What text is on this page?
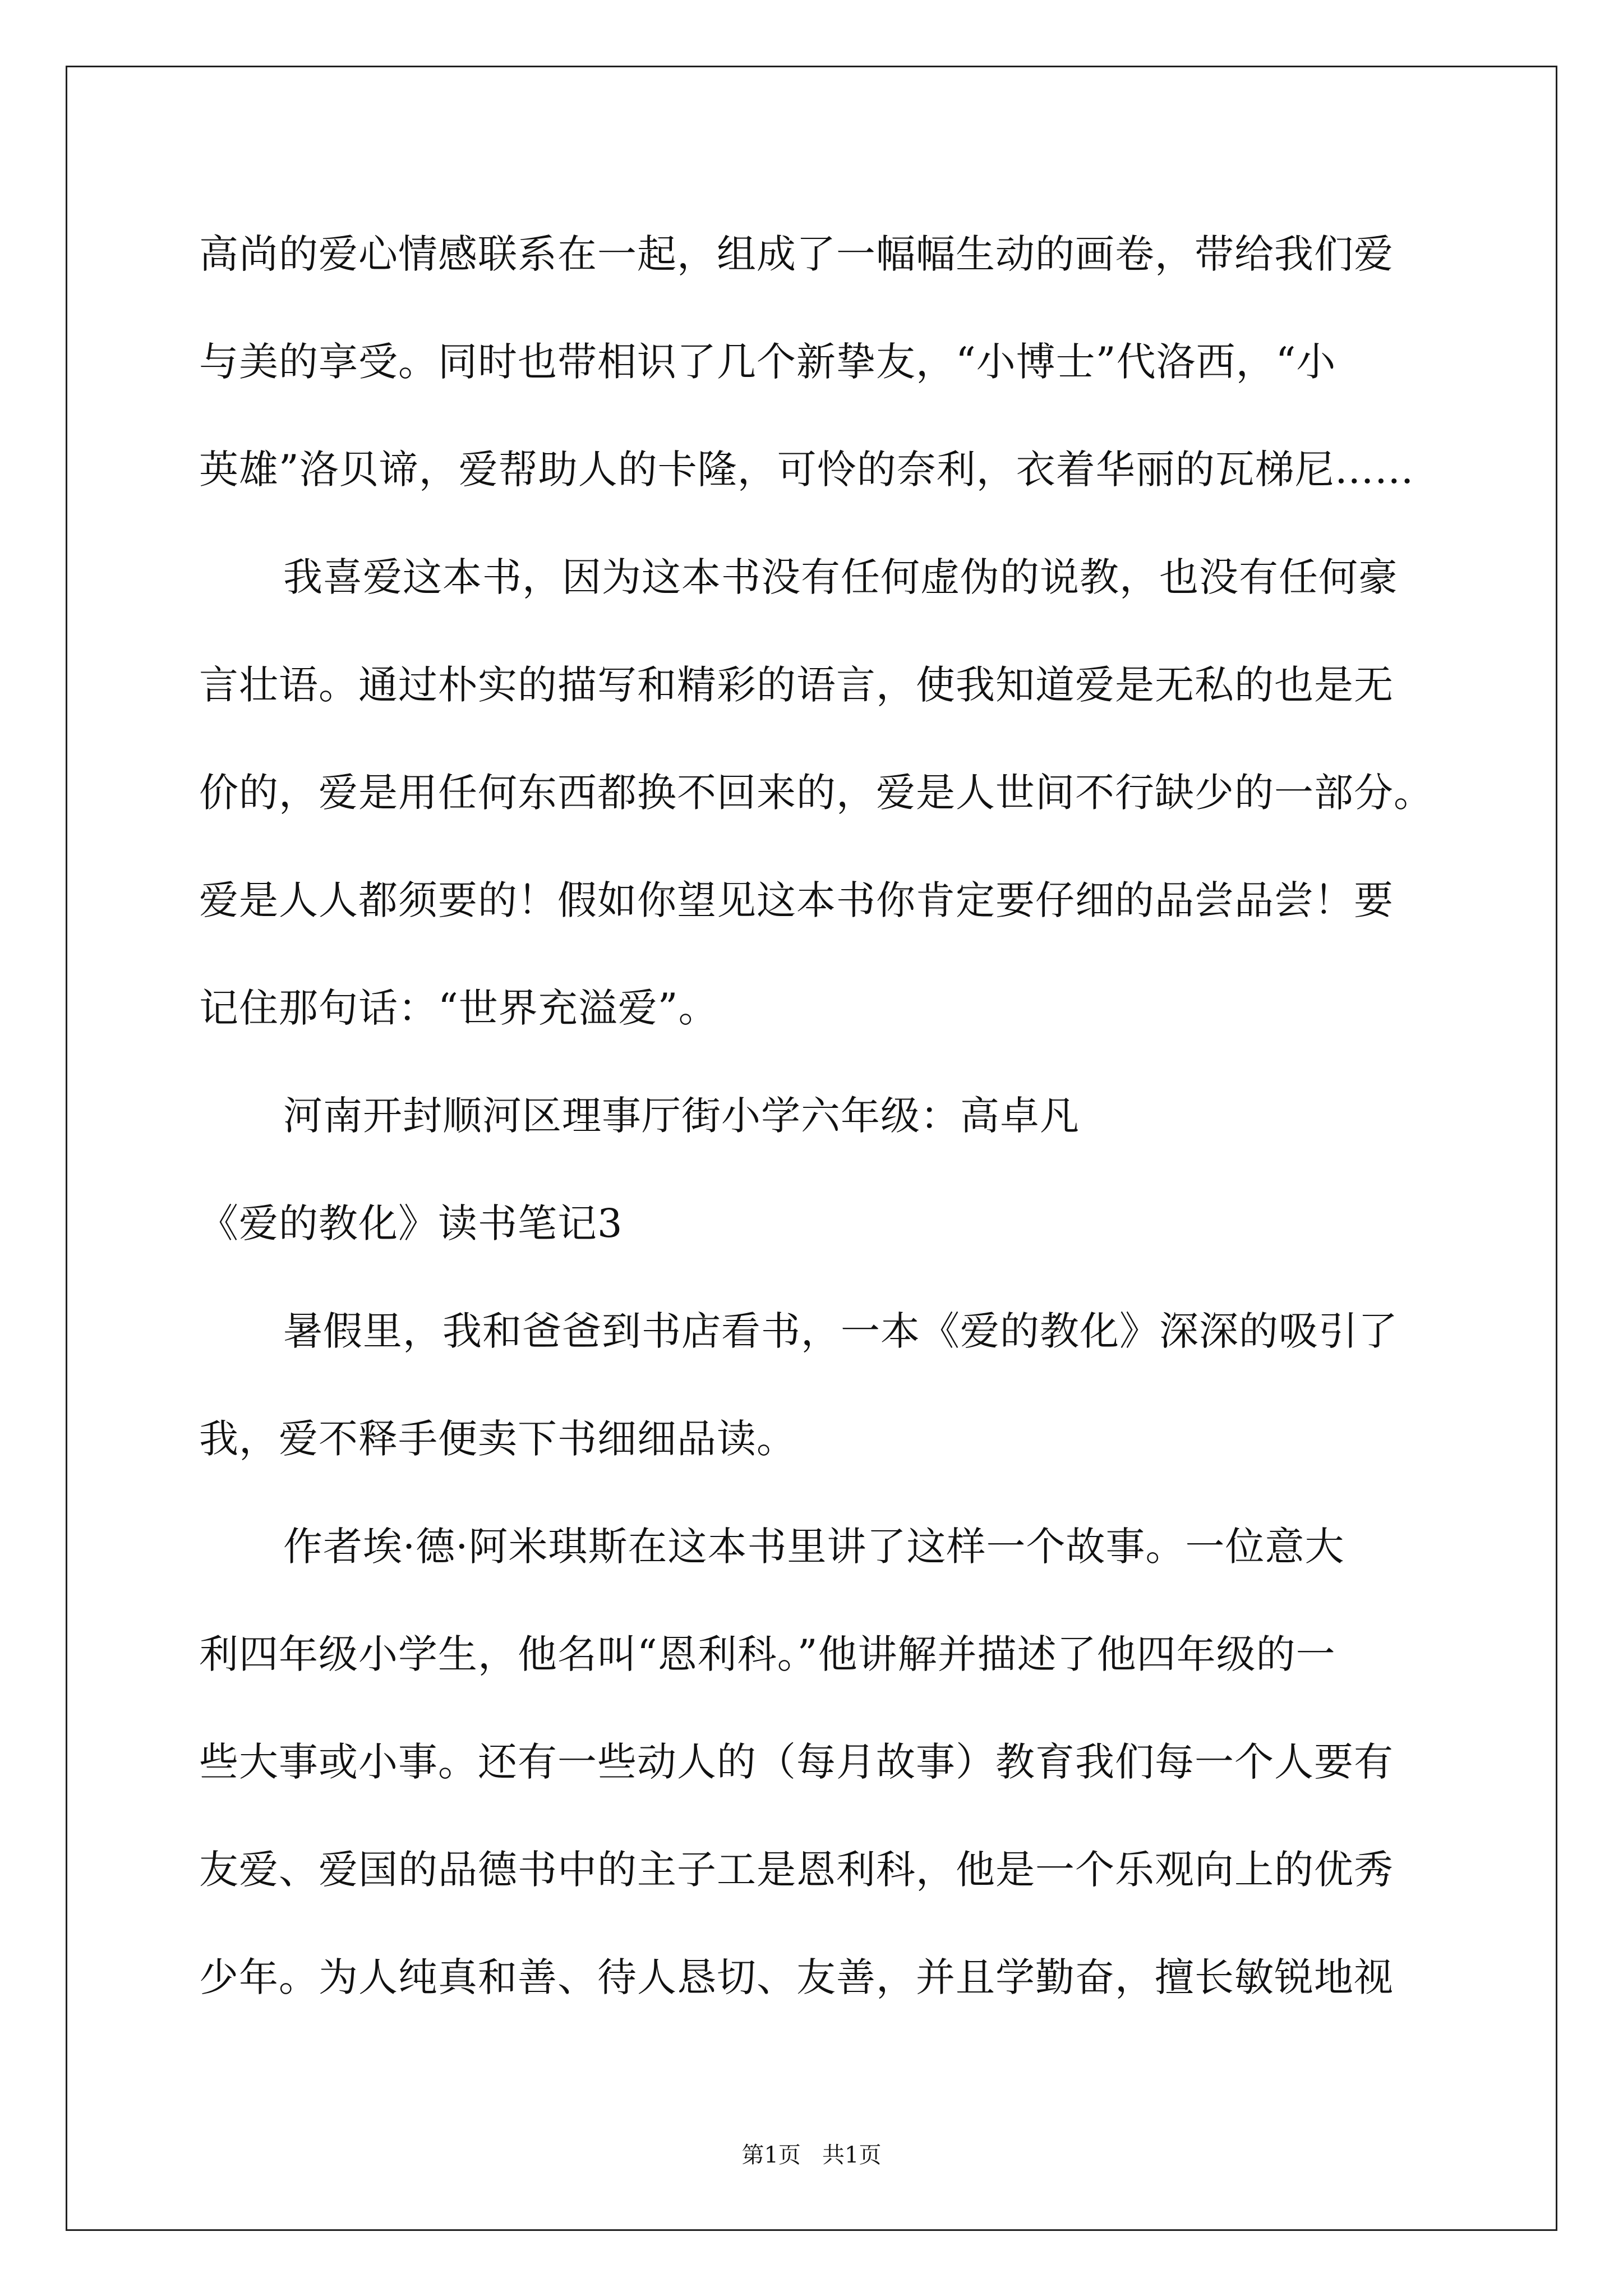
高尚的爱心情感联系在一起，组成了一幅幅生动的画卷，带给我们爱
与美的享受。同时也带相识了几个新挚友，“小博士”代洛西，“小
英雄”洛贝谛，爱帮助人的卡隆，可怜的奈利，衣着华丽的瓦梯尼……
我喜爱这本书，因为这本书没有任何虚伪的说教，也没有任何豪
言壮语。通过朴实的描写和精彩的语言，使我知道爱是无私的也是无
价的，爱是用任何东西都换不回来的，爱是人世间不行缺少的一部分。
爱是人人都须要的！假如你望见这本书你肯定要仔细的品尝品尝！要
记住那句话：“世界充溢爱”。
河南开封顺河区理事厅街小学六年级：高卓凡
《爱的教化》读书笔记3
暑假里，我和爸爸到书店看书，一本《爱的教化》深深的吸引了
我，爱不释手便卖下书细细品读。
作者埃·德·阿米琪斯在这本书里讲了这样一个故事。一位意大
利四年级小学生，他名叫“恩利科。”他讲解并描述了他四年级的一
些大事或小事。还有一些动人的（每月故事）教育我们每一个人要有
友爱、爱国的品德书中的主子工是恩利科，他是一个乐观向上的优秀
少年。为人纯真和善、待人恳切、友善，并且学勤奋，擅长敏锐地视
第1页   共1页
